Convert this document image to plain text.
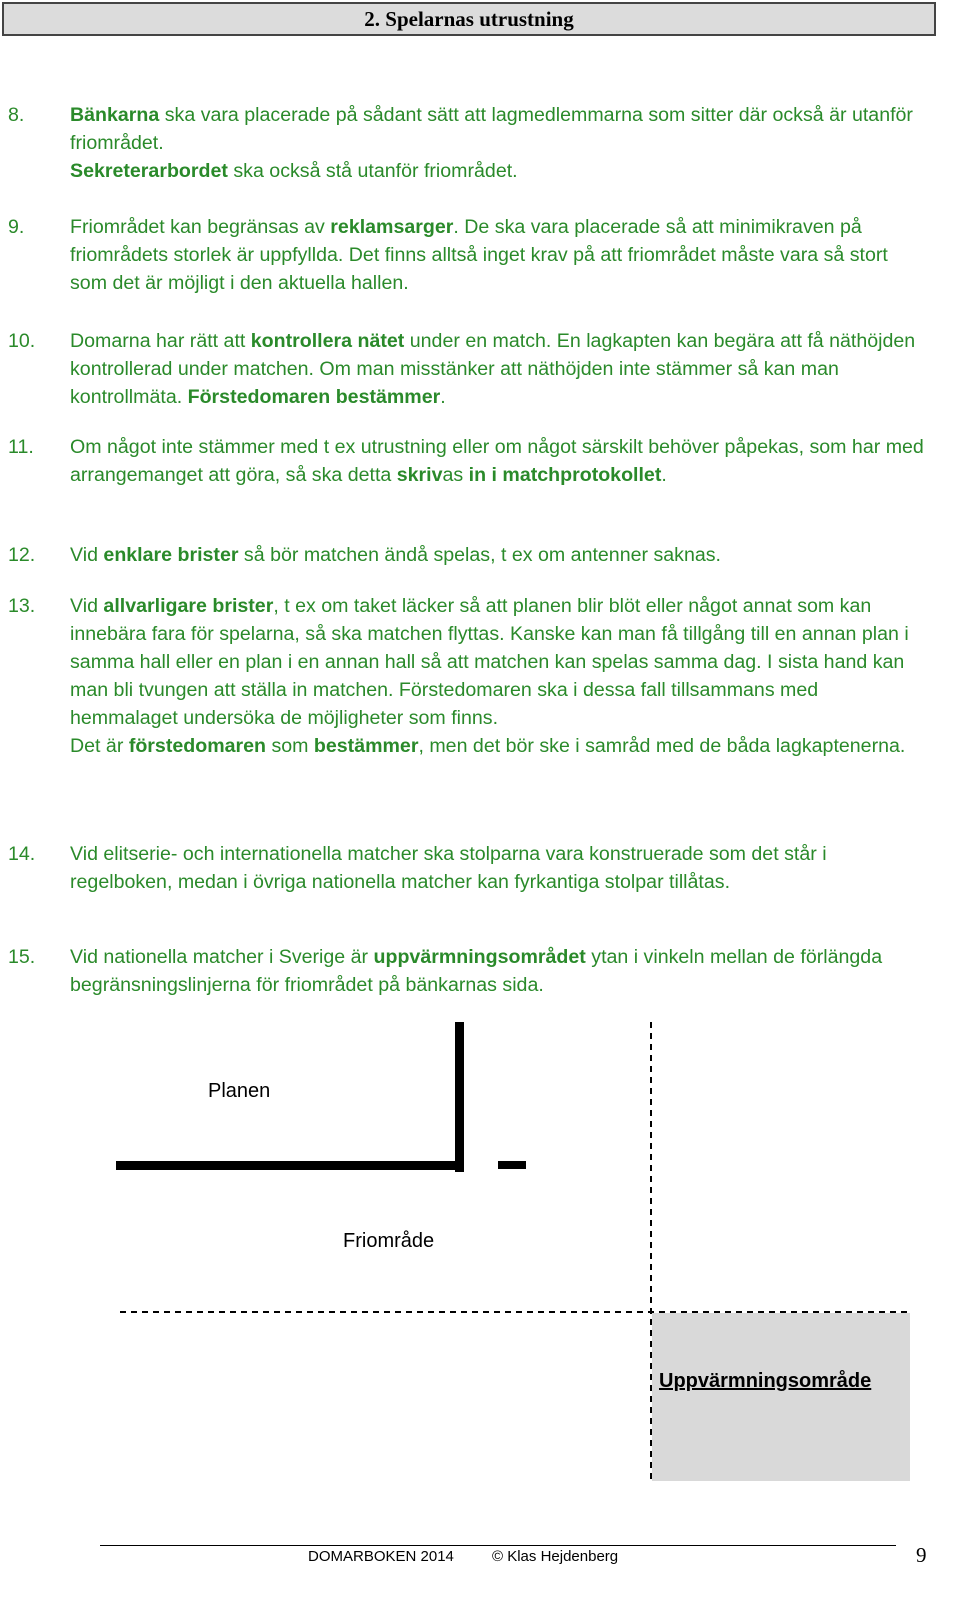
2. Spelarnas utrustning
8.	Bänkarna ska vara placerade på sådant sätt att lagmedlemmarna som sitter där också är utanför friområdet.
Sekreterarbordet ska också stå utanför friområdet.
9.	Friområdet kan begränsas av reklamsarger. De ska vara placerade så att minimikraven på friområdets storlek är uppfyllda. Det finns alltså inget krav på att friområdet måste vara så stort som det är möjligt i den aktuella hallen.
10.	Domarna har rätt att kontrollera nätet under en match. En lagkapten kan begära att få näthöjden kontrollerad under matchen. Om man misstänker att näthöjden inte stämmer så kan man kontrollmäta. Förstedomaren bestämmer.
11.	Om något inte stämmer med t ex utrustning eller om något särskilt behöver påpekas, som har med arrangemanget att göra, så ska detta skrivas in i matchprotokollet.
12.	Vid enklare brister så bör matchen ändå spelas, t ex om antenner saknas.
13.	Vid allvarligare brister, t ex om taket läcker så att planen blir blöt eller något annat som kan innebära fara för spelarna, så ska matchen flyttas. Kanske kan man få tillgång till en annan plan i samma hall eller en plan i en annan hall så att matchen kan spelas samma dag. I sista hand kan man bli tvungen att ställa in matchen. Förstedomaren ska i dessa fall tillsammans med hemmalaget undersöka de möjligheter som finns.
Det är förstedomaren som bestämmer, men det bör ske i samråd med de båda lagkaptenerna.
14.	Vid elitserie- och internationella matcher ska stolparna vara konstruerade som det står i regelboken, medan i övriga nationella matcher kan fyrkantiga stolpar tillåtas.
15.	Vid nationella matcher i Sverige är uppvärmningsområdet ytan i vinkeln mellan de förlängda begränsningslinjerna för friområdet på bänkarnas sida.
Planen
Friområde
Uppvärmningsområde
DOMARBOKEN 2014	© Klas Hejdenberg	9
